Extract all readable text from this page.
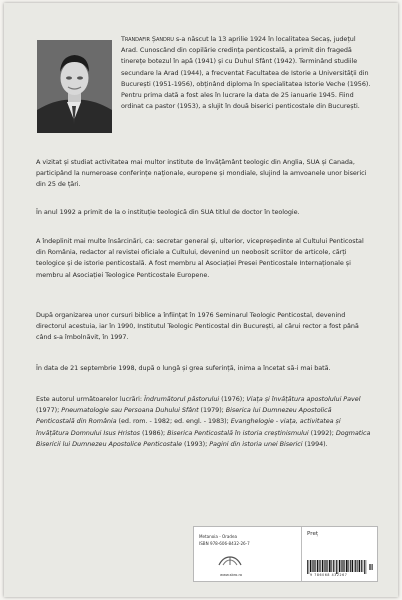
Trandafir Șandru s-a născut la 13 aprilie 1924 în localitatea Secaș, județul Arad. Cunoscând din copilărie credința penticostală, a primit din fragedă tinerețe botezul în apă (1941) și cu Duhul Sfânt (1942). Terminând studiile secundare la Arad (1944), a frecventat Facultatea de Istorie a Universității din București (1951-1956), obținând diploma în specialitatea Istorie Veche (1956). Pentru prima dată a fost ales în lucrare la data de 25 ianuarie 1945. Fiind ordinat ca pastor (1953), a slujit în două biserici penticostale din București.

A vizitat și studiat activitatea mai multor institute de învățământ teologic din Anglia, SUA și Canada, participând la numeroase conferințe naționale, europene și mondiale, slujind la amvoanele unor biserici din 25 de țări.

În anul 1992 a primit de la o instituție teologică din SUA titlul de doctor în teologie.

A îndeplinit mai multe însărcinări, ca: secretar general și, ulterior, vicepreședinte al Cultului Penticostal din România, redactor al revistei oficiale a Cultului, devenind un neobosit scriitor de articole, cărți teologice și de istorie penticostală. A fost membru al Asociației Presei Penticostale Internaționale și membru al Asociației Teologice Penticostale Europene.

După organizarea unor cursuri biblice a înființat în 1976 Seminarul Teologic Penticostal, devenind directorul acestuia, iar în 1990, Institutul Teologic Penticostal din București, al cărui rector a fost până când s-a îmbolnăvit, în 1997.

În data de 21 septembrie 1998, după o lungă și grea suferință, inima a încetat să-i mai bată.

Este autorul următoarelor lucrări: Îndrumătorul păstorului (1976); Viața și învățătura apostolului Pavel (1977); Pneumatologie sau Persoana Duhului Sfânt (1979); Biserica lui Dumnezeu Apostolică Penticostală din România (ed. rom. - 1982; ed. engl. - 1983); Evanghelogie - viața, activitatea și învățătura Domnului Isus Hristos (1986); Biserica Penticostală în istoria creștinismului (1992); Dogmatica Bisericii lui Dumnezeu Apostolice Penticostale (1993); Pagini din istoria unei Biserici (1994).

Metanoia - Oradea
ISBN 978-606-8432-26-7
Preț
www.sbro.ro	9 786068 432267
